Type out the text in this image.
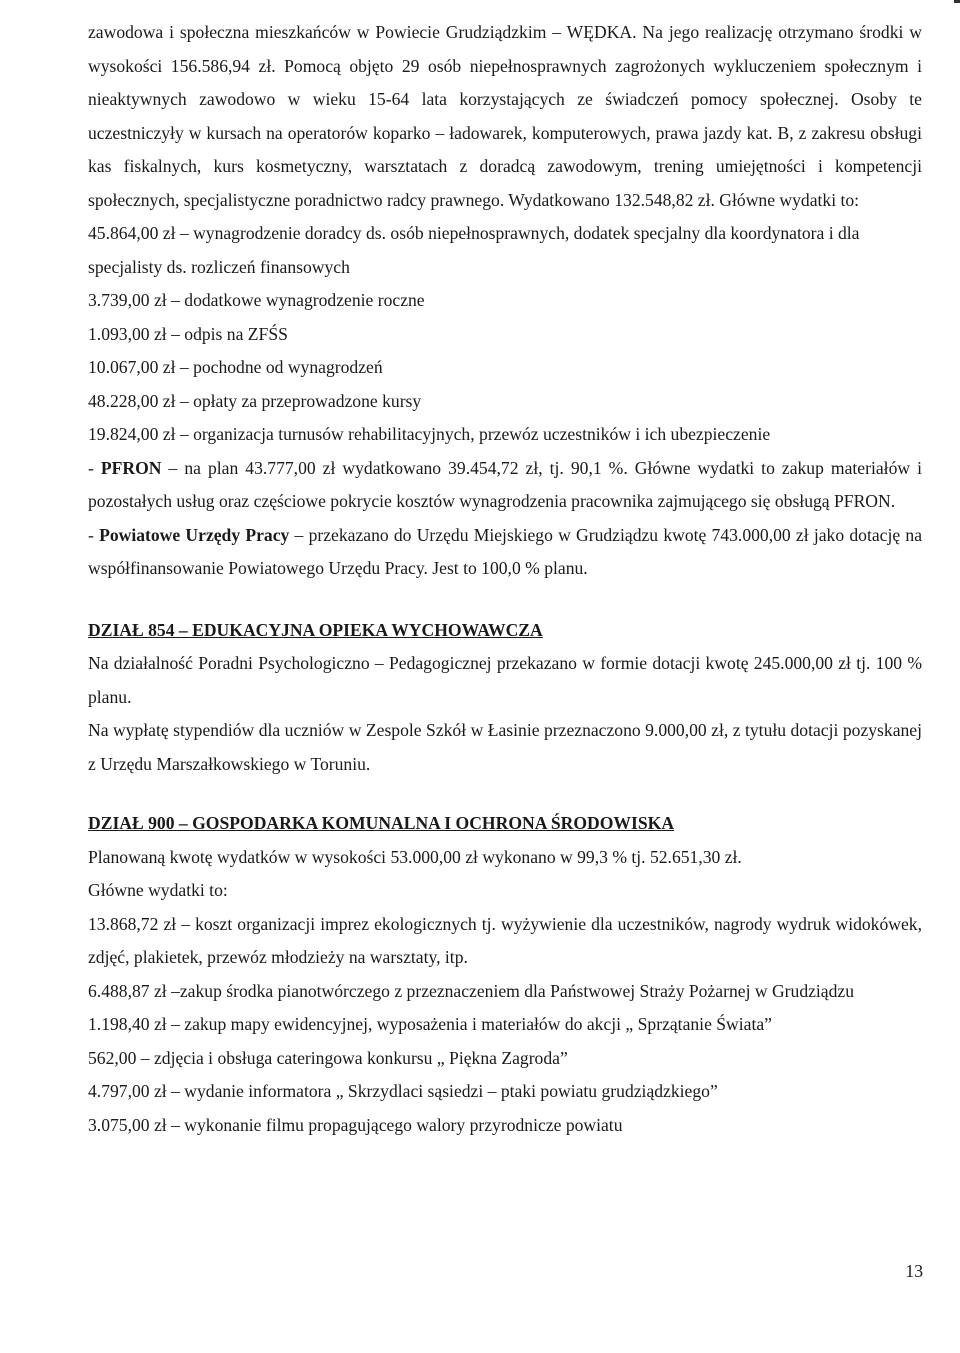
zawodowa i społeczna mieszkańców w Powiecie Grudziądzkim – WĘDKA. Na jego realizację otrzymano środki w wysokości 156.586,94 zł. Pomocą objęto 29 osób niepełnosprawnych zagrożonych wykluczeniem społecznym i nieaktywnych zawodowo w wieku 15-64 lata korzystających ze świadczeń pomocy społecznej. Osoby te uczestniczyły w kursach na operatorów koparko – ładowarek, komputerowych, prawa jazdy kat. B, z zakresu obsługi kas fiskalnych, kurs kosmetyczny, warsztatach z doradcą zawodowym, trening umiejętności i kompetencji społecznych, specjalistyczne poradnictwo radcy prawnego. Wydatkowano 132.548,82 zł. Główne wydatki to:

45.864,00 zł – wynagrodzenie doradcy ds. osób niepełnosprawnych, dodatek specjalny dla koordynatora i dla specjalisty ds. rozliczeń finansowych

3.739,00 zł – dodatkowe wynagrodzenie roczne

1.093,00 zł – odpis na ZFŚS

10.067,00 zł – pochodne od wynagrodzeń

48.228,00 zł – opłaty za przeprowadzone kursy

19.824,00 zł – organizacja turnusów rehabilitacyjnych, przewóz uczestników i ich ubezpieczenie

- PFRON – na plan 43.777,00 zł wydatkowano 39.454,72 zł, tj. 90,1 %. Główne wydatki to zakup materiałów i pozostałych usług oraz częściowe pokrycie kosztów wynagrodzenia pracownika zajmującego się obsługą PFRON.

- Powiatowe Urzędy Pracy – przekazano do Urzędu Miejskiego w Grudziądzu kwotę 743.000,00 zł jako dotację na współfinansowanie Powiatowego Urzędu Pracy. Jest to 100,0 % planu.

DZIAŁ 854 – EDUKACYJNA OPIEKA WYCHOWAWCZA

Na działalność Poradni Psychologiczno – Pedagogicznej przekazano w formie dotacji kwotę 245.000,00 zł tj. 100 % planu.

Na wypłatę stypendiów dla uczniów w Zespole Szkół w Łasinie przeznaczono 9.000,00 zł, z tytułu dotacji pozyskanej z Urzędu Marszałkowskiego w Toruniu.

DZIAŁ 900 – GOSPODARKA KOMUNALNA I OCHRONA ŚRODOWISKA

Planowaną kwotę wydatków w wysokości 53.000,00 zł wykonano w 99,3 % tj. 52.651,30 zł.

Główne wydatki to:

13.868,72 zł – koszt organizacji imprez ekologicznych tj. wyżywienie dla uczestników, nagrody wydruk widokówek, zdjęć, plakietek, przewóz młodzieży na warsztaty, itp.

6.488,87 zł –zakup środka pianotwórczego z przeznaczeniem dla Państwowej Straży Pożarnej w Grudziądzu

1.198,40 zł – zakup mapy ewidencyjnej, wyposażenia i materiałów do akcji „ Sprzątanie Świata”

562,00 – zdjęcia i obsługa cateringowa konkursu „ Piękna Zagroda”

4.797,00 zł – wydanie informatora „ Skrzydlaci sąsiedzi – ptaki powiatu grudziądzkiego”

3.075,00 zł – wykonanie filmu propagującego walory przyrodnicze powiatu

13
